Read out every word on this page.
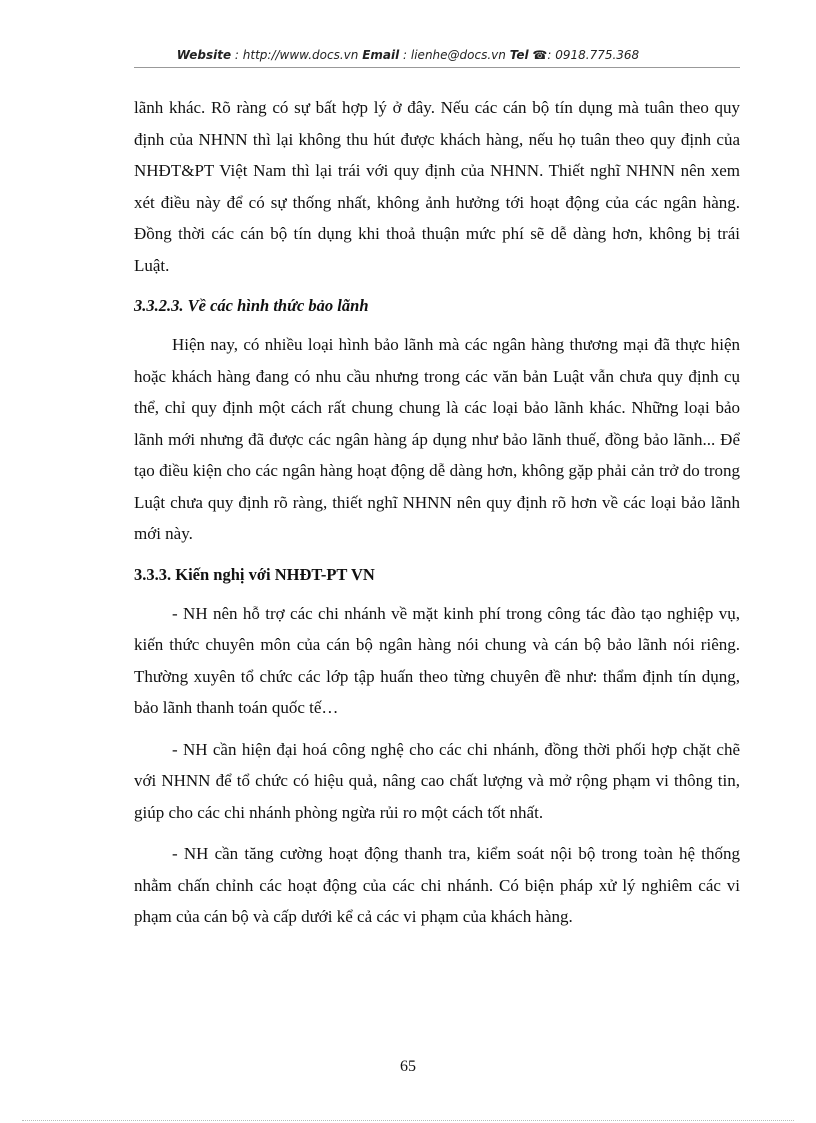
Website : http://www.docs.vn Email : lienhe@docs.vn Tel ☎: 0918.775.368

lãnh khác. Rõ ràng có sự bất hợp lý ở đây. Nếu các cán bộ tín dụng mà tuân theo quy định của NHNN thì lại không thu hút được khách hàng, nếu họ tuân theo quy định của NHĐT&PT Việt Nam thì lại trái với quy định của NHNN. Thiết nghĩ NHNN nên xem xét điều này để có sự thống nhất, không ảnh hưởng tới hoạt động của các ngân hàng. Đồng thời các cán bộ tín dụng khi thoả thuận mức phí sẽ dễ dàng hơn, không bị trái Luật.

3.3.2.3. Về các hình thức bảo lãnh

Hiện nay, có nhiều loại hình bảo lãnh mà các ngân hàng thương mại đã thực hiện hoặc khách hàng đang có nhu cầu nhưng trong các văn bản Luật vẫn chưa quy định cụ thể, chỉ quy định một cách rất chung chung là các loại bảo lãnh khác. Những loại bảo lãnh mới nhưng đã được các ngân hàng áp dụng như bảo lãnh thuế, đồng bảo lãnh... Để tạo điều kiện cho các ngân hàng hoạt động dễ dàng hơn, không gặp phải cản trở do trong Luật chưa quy định rõ ràng, thiết nghĩ NHNN nên quy định rõ hơn về các loại bảo lãnh mới này.

3.3.3. Kiến nghị với NHĐT-PT VN

- NH nên hỗ trợ các chi nhánh về mặt kinh phí trong công tác đào tạo nghiệp vụ, kiến thức chuyên môn của cán bộ ngân hàng nói chung và cán bộ bảo lãnh nói riêng. Thường xuyên tổ chức các lớp tập huấn theo từng chuyên đề như: thẩm định tín dụng, bảo lãnh thanh toán quốc tế…

- NH cần hiện đại hoá công nghệ cho các chi nhánh, đồng thời phối hợp chặt chẽ với NHNN để tổ chức có hiệu quả, nâng cao chất lượng và mở rộng phạm vi thông tin, giúp cho các chi nhánh phòng ngừa rủi ro một cách tốt nhất.

- NH cần tăng cường hoạt động thanh tra, kiểm soát nội bộ trong toàn hệ thống nhằm chấn chỉnh các hoạt động của các chi nhánh. Có biện pháp xử lý nghiêm các vi phạm của cán bộ và cấp dưới kể cả các vi phạm của khách hàng.

65
